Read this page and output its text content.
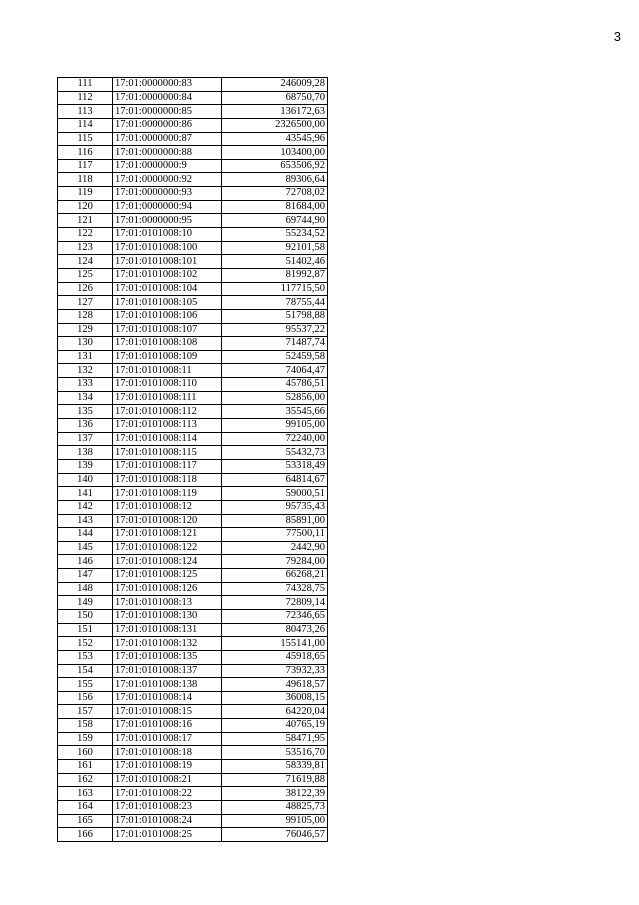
3
111	17:01:0000000:83	246009,28
112	17:01:0000000:84	68750,70
113	17:01:0000000:85	136172,63
114	17:01:0000000:86	2326500,00
115	17:01:0000000:87	43545,96
116	17:01:0000000:88	103400,00
117	17:01:0000000:9	653506,92
118	17:01:0000000:92	89306,64
119	17:01:0000000:93	72708,02
120	17:01:0000000:94	81684,00
121	17:01:0000000:95	69744,90
122	17:01:0101008:10	55234,52
123	17:01:0101008:100	92101,58
124	17:01:0101008:101	51402,46
125	17:01:0101008:102	81992,87
126	17:01:0101008:104	117715,50
127	17:01:0101008:105	78755,44
128	17:01:0101008:106	51798,88
129	17:01:0101008:107	95537,22
130	17:01:0101008:108	71487,74
131	17:01:0101008:109	52459,58
132	17:01:0101008:11	74064,47
133	17:01:0101008:110	45786,51
134	17:01:0101008:111	52856,00
135	17:01:0101008:112	35545,66
136	17:01:0101008:113	99105,00
137	17:01:0101008:114	72240,00
138	17:01:0101008:115	55432,73
139	17:01:0101008:117	53318,49
140	17:01:0101008:118	64814,67
141	17:01:0101008:119	59000,51
142	17:01:0101008:12	95735,43
143	17:01:0101008:120	85891,00
144	17:01:0101008:121	77500,11
145	17:01:0101008:122	2442,90
146	17:01:0101008:124	79284,00
147	17:01:0101008:125	66268,21
148	17:01:0101008:126	74328,75
149	17:01:0101008:13	72809,14
150	17:01:0101008:130	72346,65
151	17:01:0101008:131	80473,26
152	17:01:0101008:132	155141,00
153	17:01:0101008:135	45918,65
154	17:01:0101008:137	73932,33
155	17:01:0101008:138	49618,57
156	17:01:0101008:14	36008,15
157	17:01:0101008:15	64220,04
158	17:01:0101008:16	40765,19
159	17:01:0101008:17	58471,95
160	17:01:0101008:18	53516,70
161	17:01:0101008:19	58339,81
162	17:01:0101008:21	71619,88
163	17:01:0101008:22	38122,39
164	17:01:0101008:23	48825,73
165	17:01:0101008:24	99105,00
166	17:01:0101008:25	76046,57
